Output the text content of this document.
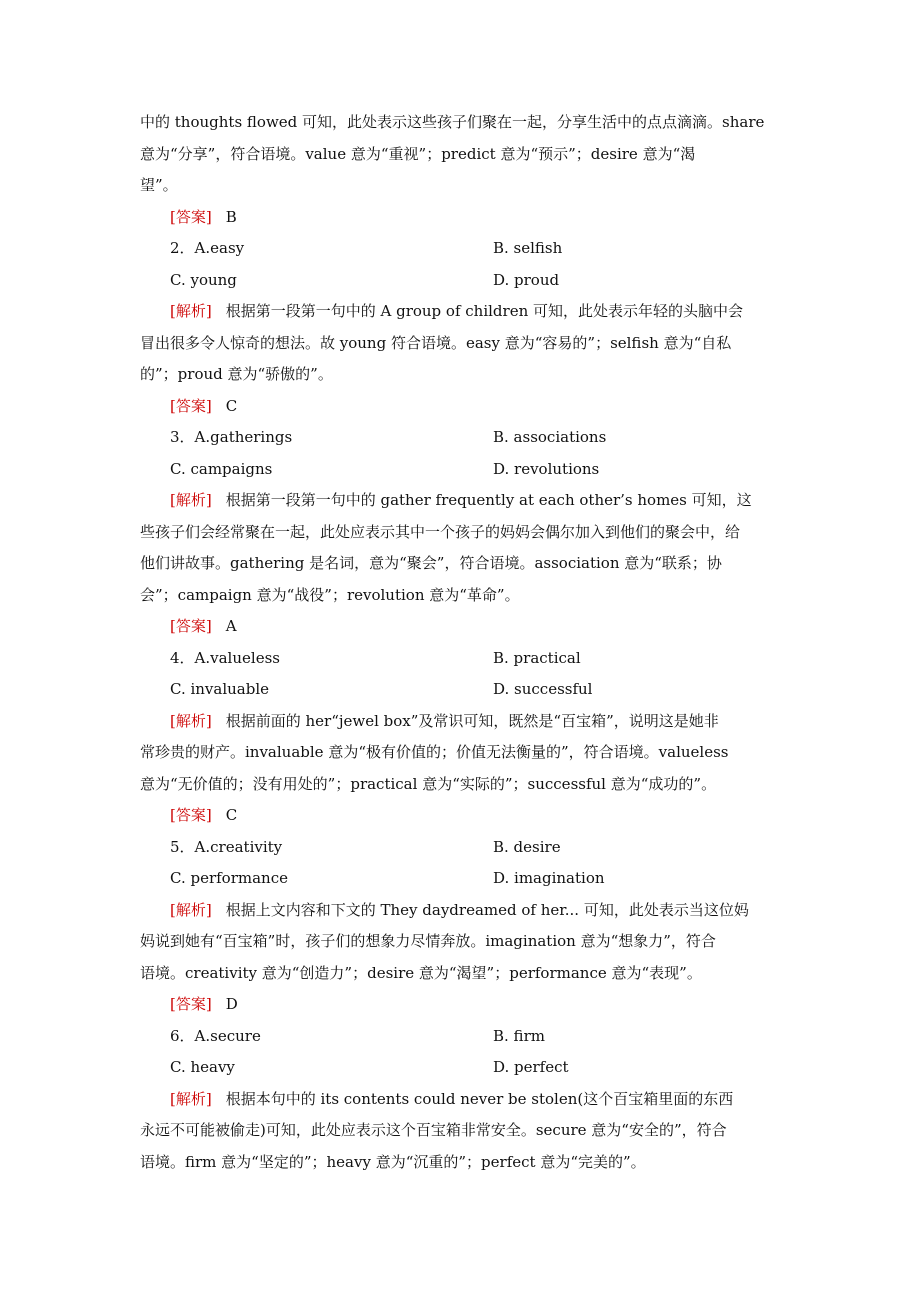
中的 thoughts flowed 可知，此处表示这些孩子们聚在一起，分享生活中的点点滴滴。share
意为“分享”，符合语境。value 意为“重视”；predict 意为“预示”；desire 意为“渴
望”。
[答案] B
2．A.easy	B. selfish
C. young	D. proud
[解析] 根据第一段第一句中的 A group of children 可知，此处表示年轻的头脑中会
冒出很多令人惊奇的想法。故 young 符合语境。easy 意为“容易的”；selfish 意为“自私
的”；proud 意为“骄傲的”。
[答案] C
3．A.gatherings	B. associations
C. campaigns	D. revolutions
[解析] 根据第一段第一句中的 gather frequently at each other’s homes 可知，这
些孩子们会经常聚在一起，此处应表示其中一个孩子的妈妈会偶尔加入到他们的聚会中，给
他们讲故事。gathering 是名词，意为“聚会”，符合语境。association 意为“联系；协
会”；campaign 意为“战役”；revolution 意为“革命”。
[答案] A
4．A.valueless	B. practical
C. invaluable	D. successful
[解析] 根据前面的 her“jewel box”及常识可知，既然是“百宝箱”，说明这是她非
常珍贵的财产。invaluable 意为“极有价值的；价值无法衡量的”，符合语境。valueless
意为“无价值的；没有用处的”；practical 意为“实际的”；successful 意为“成功的”。
[答案] C
5．A.creativity	B. desire
C. performance	D. imagination
[解析] 根据上文内容和下文的 They daydreamed of her... 可知，此处表示当这位妈
妈说到她有“百宝箱”时，孩子们的想象力尽情奔放。imagination 意为“想象力”，符合
语境。creativity 意为“创造力”；desire 意为“渴望”；performance 意为“表现”。
[答案] D
6．A.secure	B. firm
C. heavy	D. perfect
[解析] 根据本句中的 its contents could never be stolen(这个百宝箱里面的东西
永远不可能被偷走)可知，此处应表示这个百宝箱非常安全。secure 意为“安全的”，符合
语境。firm 意为“坚定的”；heavy 意为“沉重的”；perfect 意为“完美的”。
